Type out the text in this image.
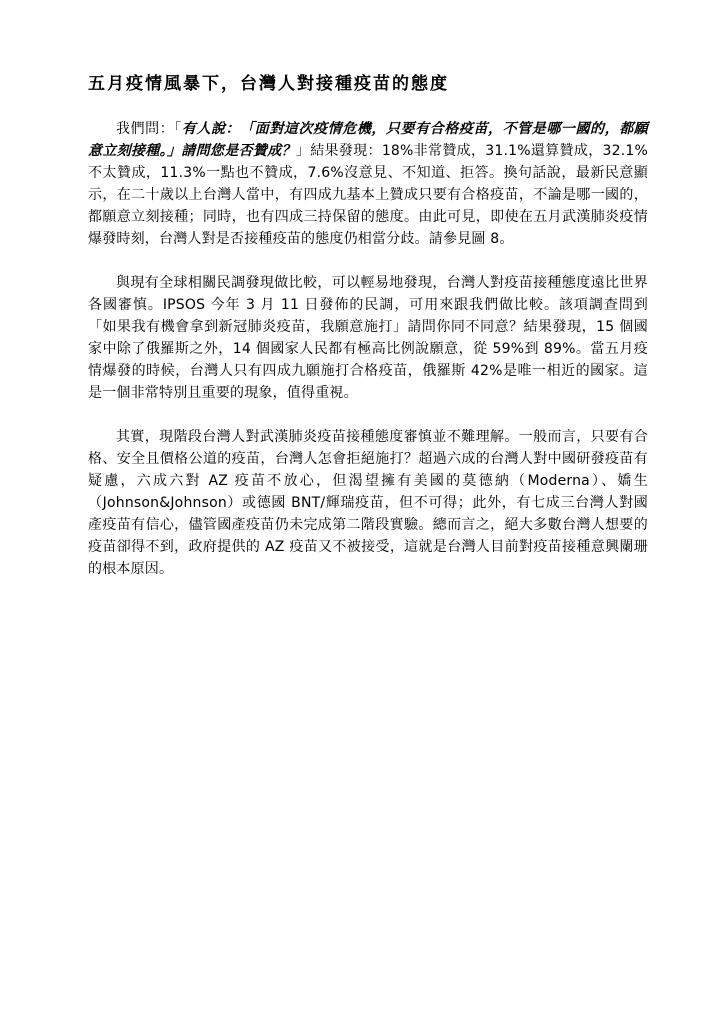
五月疫情風暴下，台灣人對接種疫苗的態度

我們問：「有人說：「面對這次疫情危機，只要有合格疫苗，不管是哪一國的，都願意立刻接種。」請問您是否贊成？」結果發現：18%非常贊成，31.1%還算贊成，32.1%不太贊成，11.3%一點也不贊成，7.6%沒意見、不知道、拒答。換句話說，最新民意顯示，在二十歲以上台灣人當中，有四成九基本上贊成只要有合格疫苗，不論是哪一國的，都願意立刻接種；同時，也有四成三持保留的態度。由此可見，即使在五月武漢肺炎疫情爆發時刻，台灣人對是否接種疫苗的態度仍相當分歧。請參見圖 8。

與現有全球相關民調發現做比較，可以輕易地發現，台灣人對疫苗接種態度遠比世界各國審慎。IPSOS 今年 3 月 11 日發佈的民調，可用來跟我們做比較。該項調查問到「如果我有機會拿到新冠肺炎疫苗，我願意施打」請問你同不同意？結果發現，15 個國家中除了俄羅斯之外，14 個國家人民都有極高比例說願意，從 59%到 89%。當五月疫情爆發的時候，台灣人只有四成九願施打合格疫苗，俄羅斯 42%是唯一相近的國家。這是一個非常特別且重要的現象，值得重視。

其實，現階段台灣人對武漢肺炎疫苗接種態度審慎並不難理解。一般而言，只要有合格、安全且價格公道的疫苗，台灣人怎會拒絕施打？超過六成的台灣人對中國研發疫苗有疑慮，六成六對 AZ 疫苗不放心，但渴望擁有美國的莫德納（Moderna）、嬌生（Johnson&Johnson）或德國 BNT/輝瑞疫苗，但不可得；此外，有七成三台灣人對國產疫苗有信心，儘管國產疫苗仍未完成第二階段實驗。總而言之，絕大多數台灣人想要的疫苗卻得不到，政府提供的 AZ 疫苗又不被接受，這就是台灣人目前對疫苗接種意興闌珊的根本原因。
